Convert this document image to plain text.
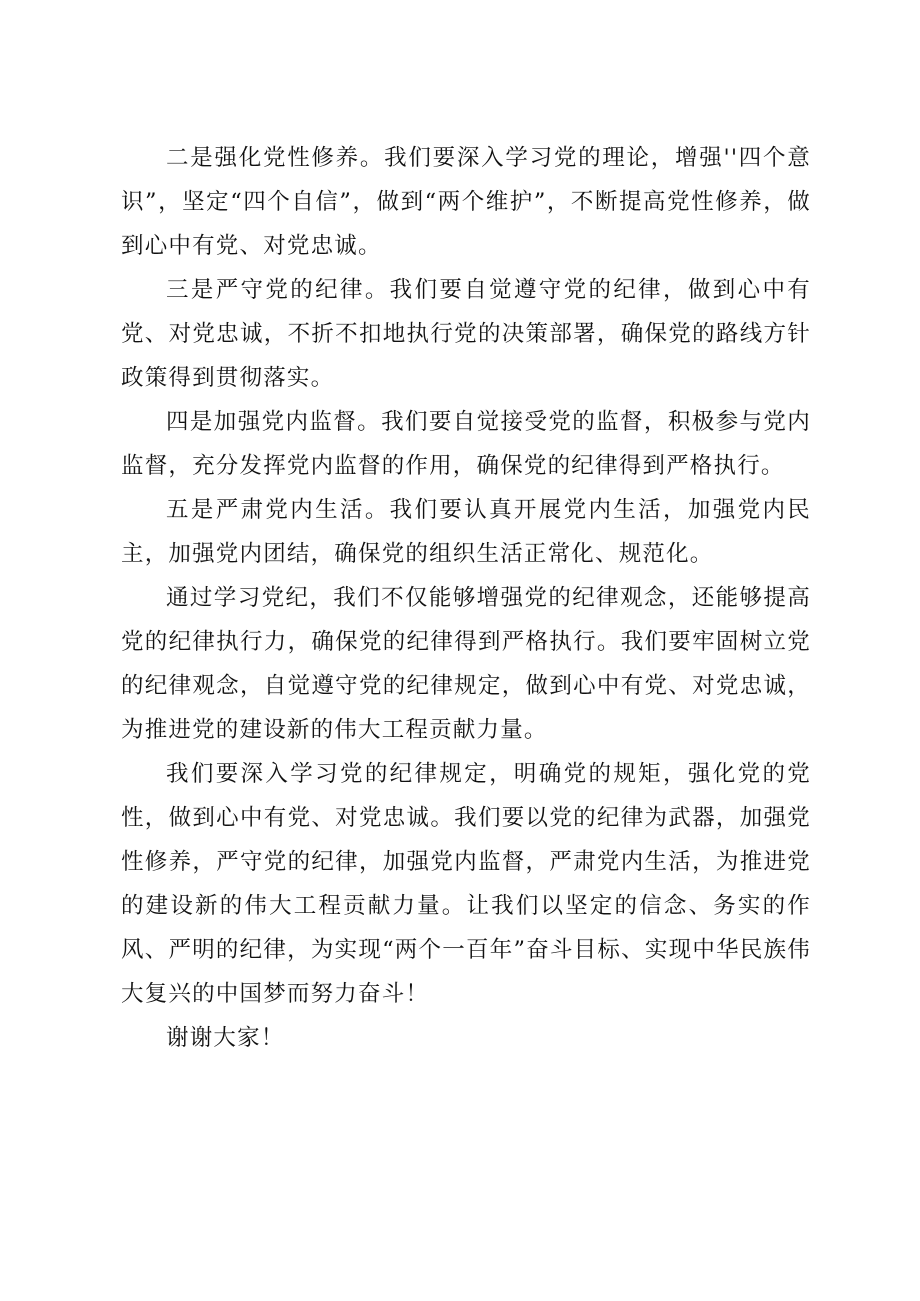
二是强化党性修养。我们要深入学习党的理论，增强''四个意识”，坚定“四个自信”，做到“两个维护”，不断提高党性修养，做到心中有党、对党忠诚。

三是严守党的纪律。我们要自觉遵守党的纪律，做到心中有党、对党忠诚，不折不扣地执行党的决策部署，确保党的路线方针政策得到贯彻落实。

四是加强党内监督。我们要自觉接受党的监督，积极参与党内监督，充分发挥党内监督的作用，确保党的纪律得到严格执行。

五是严肃党内生活。我们要认真开展党内生活，加强党内民主，加强党内团结，确保党的组织生活正常化、规范化。

通过学习党纪，我们不仅能够增强党的纪律观念，还能够提高党的纪律执行力，确保党的纪律得到严格执行。我们要牢固树立党的纪律观念，自觉遵守党的纪律规定，做到心中有党、对党忠诚，为推进党的建设新的伟大工程贡献力量。

我们要深入学习党的纪律规定，明确党的规矩，强化党的党性，做到心中有党、对党忠诚。我们要以党的纪律为武器，加强党性修养，严守党的纪律，加强党内监督，严肃党内生活，为推进党的建设新的伟大工程贡献力量。让我们以坚定的信念、务实的作风、严明的纪律，为实现“两个一百年”奋斗目标、实现中华民族伟大复兴的中国梦而努力奋斗！

谢谢大家！
